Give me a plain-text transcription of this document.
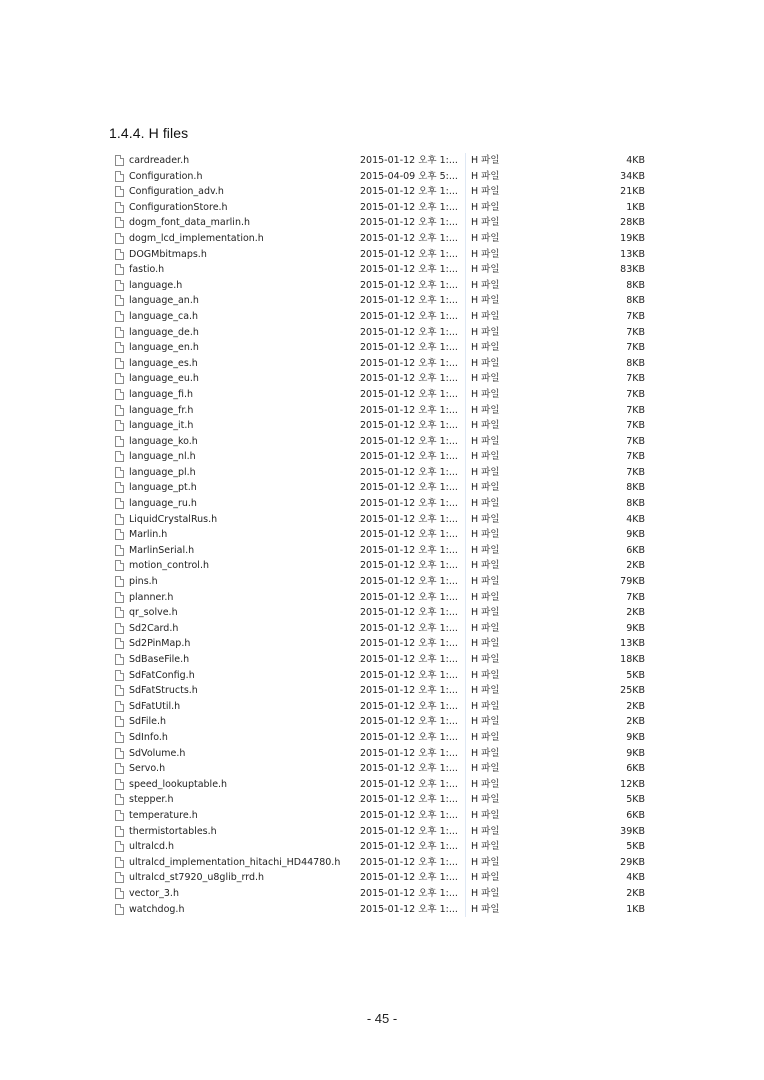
1.4.4. H files
cardreader.h	2015-01-12 오후 1:... H 파일	4KB
Configuration.h	2015-04-09 오후 5:... H 파일	34KB
Configuration_adv.h	2015-01-12 오후 1:... H 파일	21KB
ConfigurationStore.h	2015-01-12 오후 1:... H 파일	1KB
dogm_font_data_marlin.h	2015-01-12 오후 1:... H 파일	28KB
dogm_lcd_implementation.h	2015-01-12 오후 1:... H 파일	19KB
DOGMbitmaps.h	2015-01-12 오후 1:... H 파일	13KB
fastio.h	2015-01-12 오후 1:... H 파일	83KB
language.h	2015-01-12 오후 1:... H 파일	8KB
language_an.h	2015-01-12 오후 1:... H 파일	8KB
language_ca.h	2015-01-12 오후 1:... H 파일	7KB
language_de.h	2015-01-12 오후 1:... H 파일	7KB
language_en.h	2015-01-12 오후 1:... H 파일	7KB
language_es.h	2015-01-12 오후 1:... H 파일	8KB
language_eu.h	2015-01-12 오후 1:... H 파일	7KB
language_fi.h	2015-01-12 오후 1:... H 파일	7KB
language_fr.h	2015-01-12 오후 1:... H 파일	7KB
language_it.h	2015-01-12 오후 1:... H 파일	7KB
language_ko.h	2015-01-12 오후 1:... H 파일	7KB
language_nl.h	2015-01-12 오후 1:... H 파일	7KB
language_pl.h	2015-01-12 오후 1:... H 파일	7KB
language_pt.h	2015-01-12 오후 1:... H 파일	8KB
language_ru.h	2015-01-12 오후 1:... H 파일	8KB
LiquidCrystalRus.h	2015-01-12 오후 1:... H 파일	4KB
Marlin.h	2015-01-12 오후 1:... H 파일	9KB
MarlinSerial.h	2015-01-12 오후 1:... H 파일	6KB
motion_control.h	2015-01-12 오후 1:... H 파일	2KB
pins.h	2015-01-12 오후 1:... H 파일	79KB
planner.h	2015-01-12 오후 1:... H 파일	7KB
qr_solve.h	2015-01-12 오후 1:... H 파일	2KB
Sd2Card.h	2015-01-12 오후 1:... H 파일	9KB
Sd2PinMap.h	2015-01-12 오후 1:... H 파일	13KB
SdBaseFile.h	2015-01-12 오후 1:... H 파일	18KB
SdFatConfig.h	2015-01-12 오후 1:... H 파일	5KB
SdFatStructs.h	2015-01-12 오후 1:... H 파일	25KB
SdFatUtil.h	2015-01-12 오후 1:... H 파일	2KB
SdFile.h	2015-01-12 오후 1:... H 파일	2KB
SdInfo.h	2015-01-12 오후 1:... H 파일	9KB
SdVolume.h	2015-01-12 오후 1:... H 파일	9KB
Servo.h	2015-01-12 오후 1:... H 파일	6KB
speed_lookuptable.h	2015-01-12 오후 1:... H 파일	12KB
stepper.h	2015-01-12 오후 1:... H 파일	5KB
temperature.h	2015-01-12 오후 1:... H 파일	6KB
thermistortables.h	2015-01-12 오후 1:... H 파일	39KB
ultralcd.h	2015-01-12 오후 1:... H 파일	5KB
ultralcd_implementation_hitachi_HD44780.h 2015-01-12 오후 1:... H 파일	29KB
ultralcd_st7920_u8glib_rrd.h	2015-01-12 오후 1:... H 파일	4KB
vector_3.h	2015-01-12 오후 1:... H 파일	2KB
watchdog.h	2015-01-12 오후 1:... H 파일	1KB
- 45 -
